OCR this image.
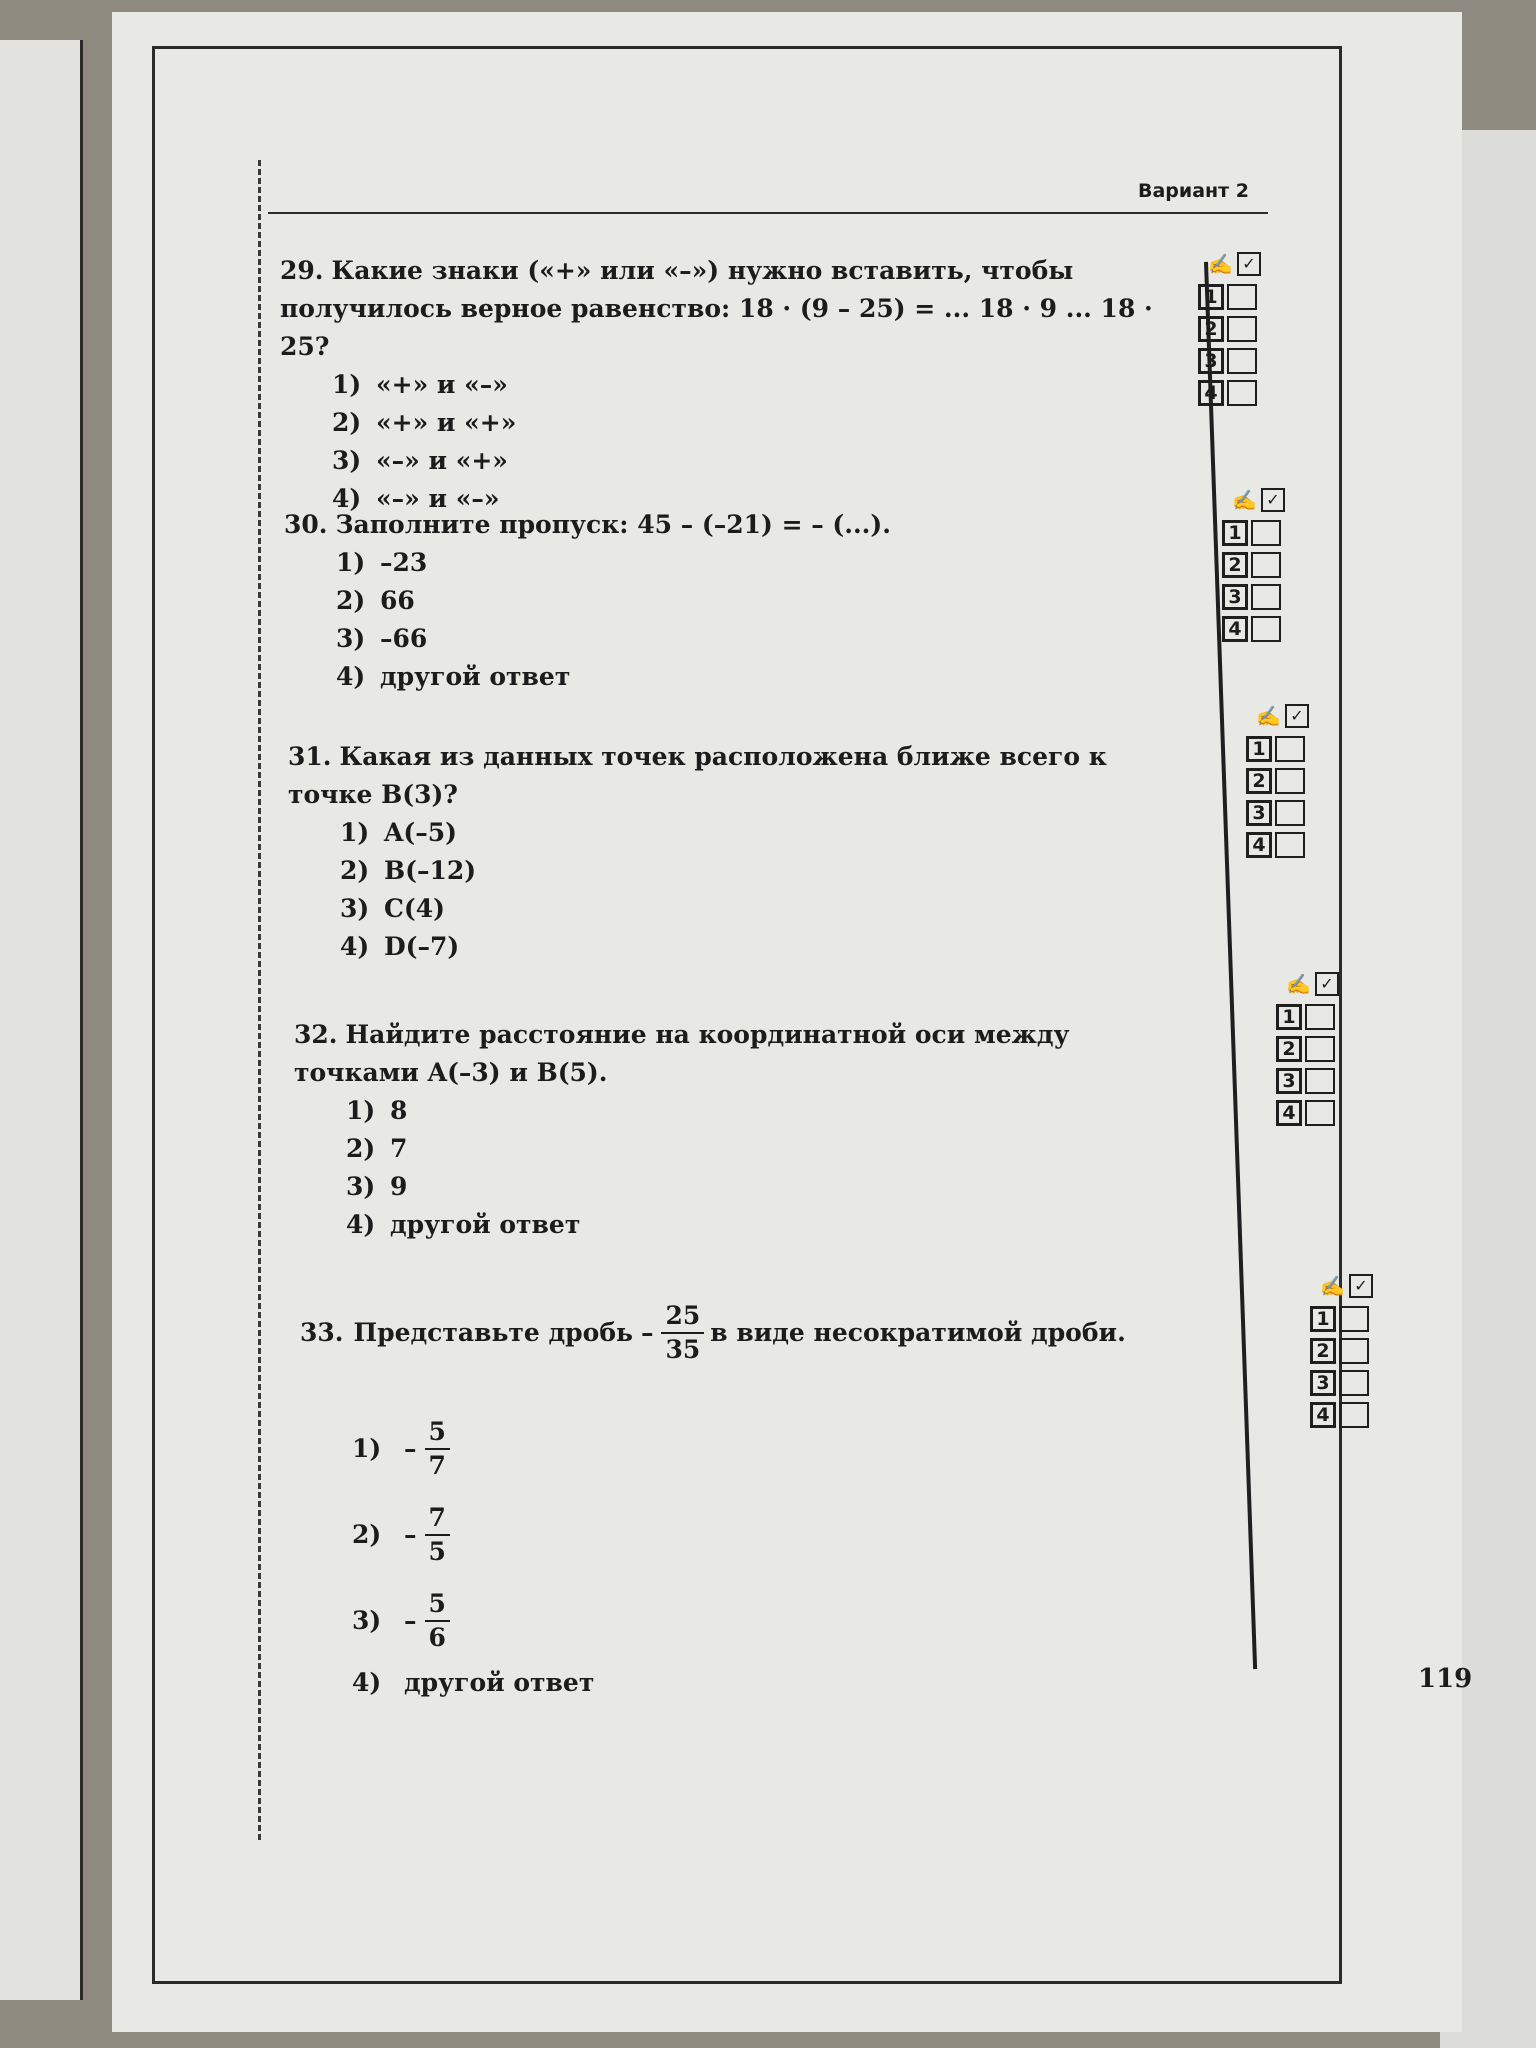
Вариант 2
119
29. Какие знаки («+» или «–») нужно вставить, чтобы получилось верное равенство: 18 · (9 – 25) = ... 18 · 9 ... 18 · 25?
1) «+» и «–»
2) «+» и «+»
3) «–» и «+»
4) «–» и «–»
30. Заполните пропуск: 45 – (–21) = – (...).
1) –23
2) 66
3) –66
4) другой ответ
31. Какая из данных точек расположена ближе всего к точке B(3)?
1) A(–5)
2) B(–12)
3) C(4)
4) D(–7)
32. Найдите расстояние на координатной оси между точками A(–3) и B(5).
1) 8
2) 7
3) 9
4) другой ответ
33. Представьте дробь – $\frac{25}{35}$ в виде несократимой дроби.
$1) - \frac{5}{7}$
$2) - \frac{7}{5}$
$3) - \frac{5}{6}$
4) другой ответ
✍ ✓
1
2
3
4
✍ ✓
1
2
3
4
✍ ✓
1
2
3
4
✍ ✓
1
2
3
4
✍ ✓
1
2
3
4
